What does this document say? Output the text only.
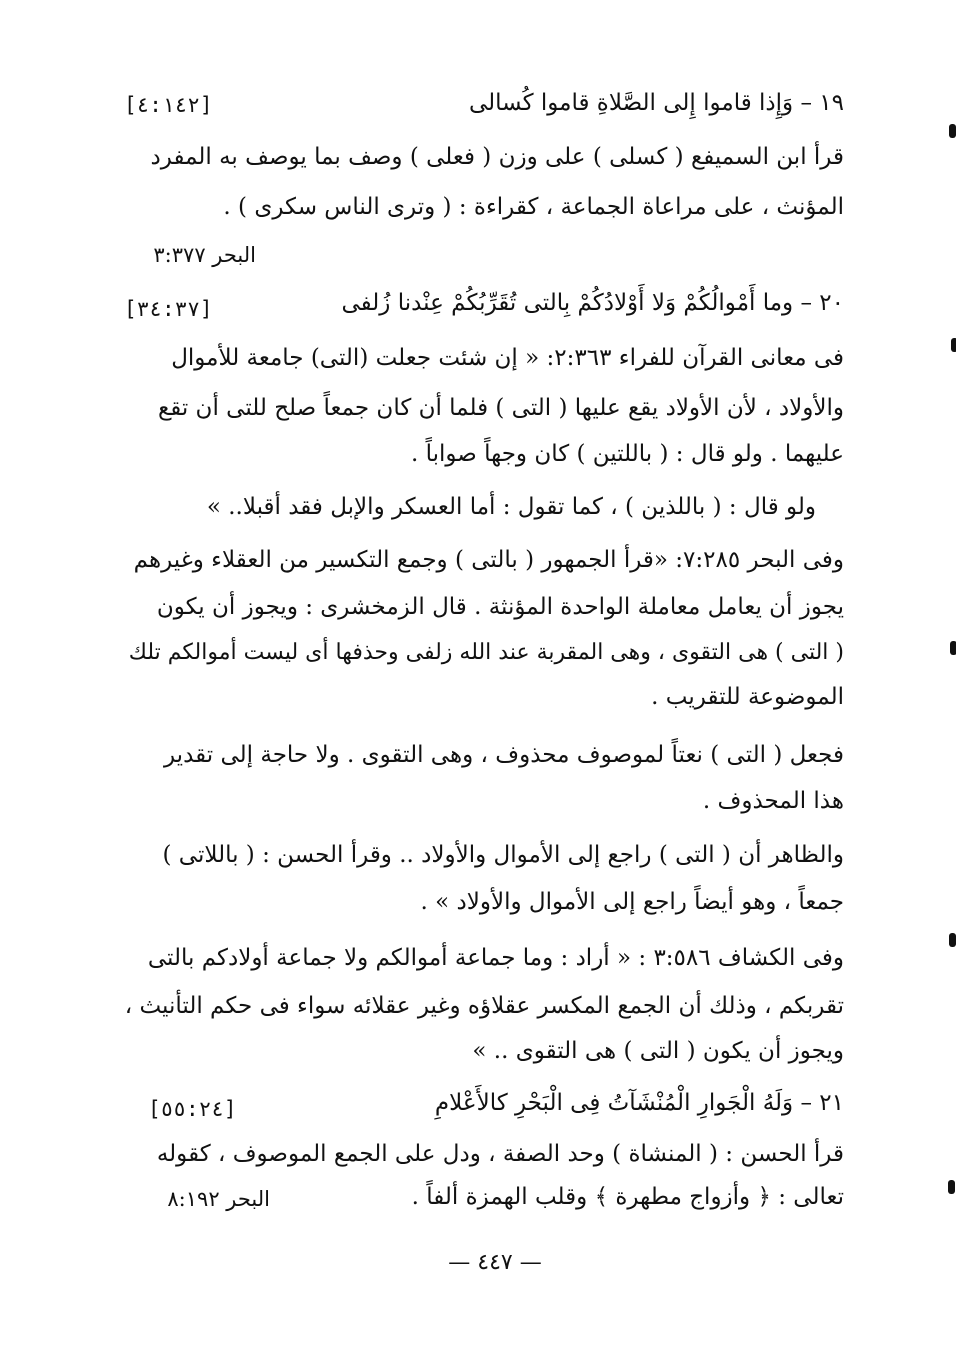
١٩ – وَإِذا قاموا إِلى الصَّلاةِ قاموا كُسالى
[٤:١٤٢]
قرأ ابن السميفع ( كسلى ) على وزن ( فعلى ) وصف بما يوصف به المفرد
المؤنث ، على مراعاة الجماعة ، كقراءة : ( وترى الناس سكرى ) .
البحر ٣:٣٧٧
٢٠ – وما أَمْوالُكُمْ وَلا أَوْلادُكُمْ بِالتى تُقَرِّبُكُمْ عِنْدنا زُلفى
[٣٤:٣٧]
فى معانى القرآن للفراء ٢:٣٦٣: « إن شئت جعلت (التى) جامعة للأموال
والأولاد ، لأن الأولاد يقع عليها ( التى ) فلما أن كان جمعاً صلح للتى أن تقع
عليهما . ولو قال : ( باللتين ) كان وجهاً صواباً .
ولو قال : ( باللذين ) ، كما تقول : أما العسكر والإبل فقد أقبلا.. »
وفى البحر ٧:٢٨٥: «قرأ الجمهور ( بالتى ) وجمع التكسير من العقلاء وغيرهم
يجوز أن يعامل معاملة الواحدة المؤنثة . قال الزمخشرى : ويجوز أن يكون
( التى ) هى التقوى ، وهى المقربة عند الله زلفى وحذفها أى ليست أموالكم تلك
الموضوعة للتقريب .
فجعل ( التى ) نعتاً لموصوف محذوف ، وهى التقوى . ولا حاجة إلى تقدير
هذا المحذوف .
والظاهر أن ( التى ) راجع إلى الأموال والأولاد .. وقرأ الحسن : ( باللاتى )
جمعاً ، وهو أيضاً راجع إلى الأموال والأولاد » .
وفى الكشاف ٣:٥٨٦ : « أراد : وما جماعة أموالكم ولا جماعة أولادكم بالتى
تقربكم ، وذلك أن الجمع المكسر عقلاؤه وغير عقلائه سواء فى حكم التأنيث ،
ويجوز أن يكون ( التى ) هى التقوى .. »
٢١ – وَلَهُ الْجَوارِ الْمُنْشَآتُ فِى الْبَحْرِ كالأَعْلامِ
[٥٥:٢٤]
قرأ الحسن : ( المنشاة ) وحد الصفة ، ودل على الجمع الموصوف ، كقوله
تعالى : ﴿ وأزواج مطهرة ﴾ وقلب الهمزة ألفاً .
البحر ٨:١٩٢
— ٤٤٧ —
